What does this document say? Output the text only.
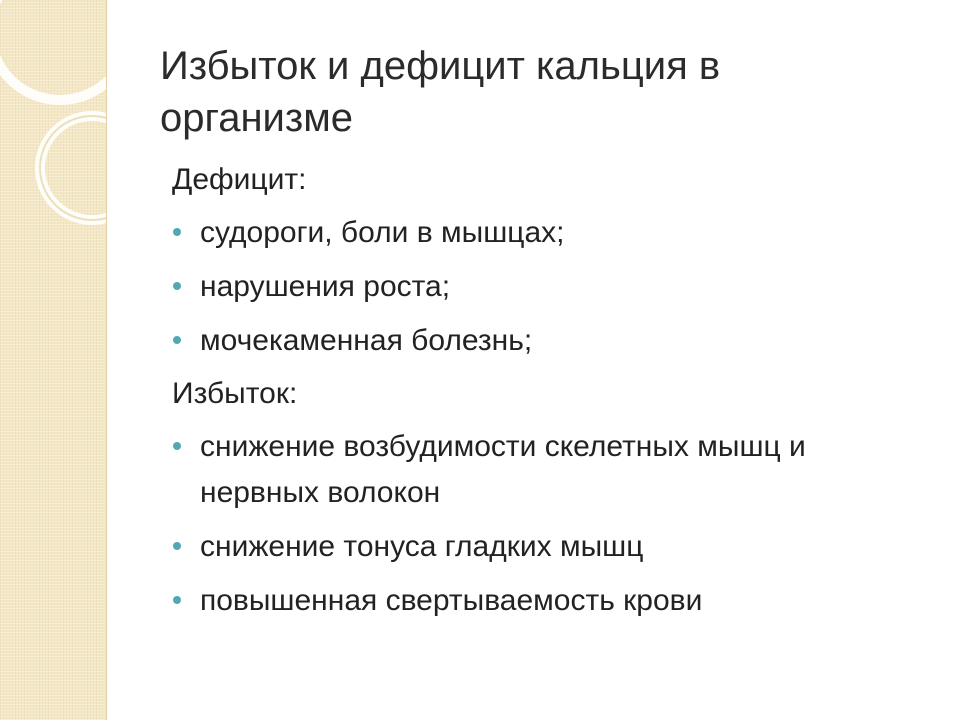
Избыток и дефицит кальция в организме
Дефицит:
судороги, боли в мышцах;
нарушения роста;
мочекаменная болезнь;
Избыток:
снижение возбудимости скелетных мышц и нервных волокон
снижение тонуса гладких мышц
повышенная свертываемость крови
